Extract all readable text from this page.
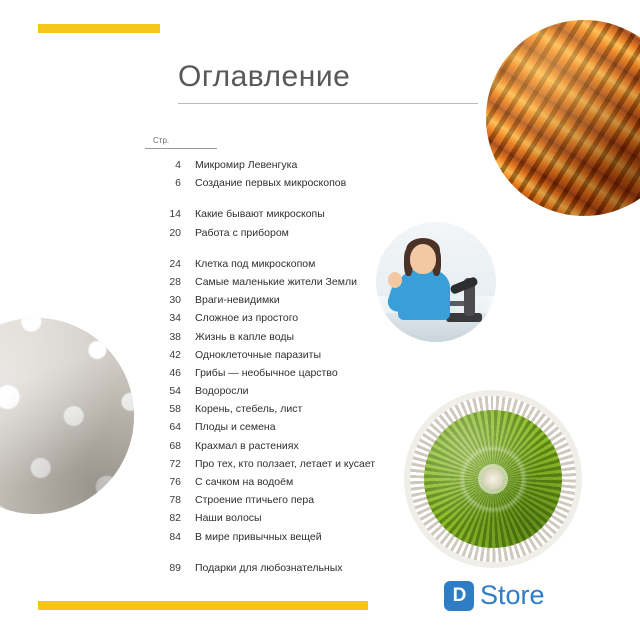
Оглавление
Стр.
4	Микромир Левенгука
6	Создание первых микроскопов
14	Какие бывают микроскопы
20	Работа с прибором
24	Клетка под микроскопом
28	Самые маленькие жители Земли
30	Враги-невидимки
34	Сложное из простого
38	Жизнь в капле воды
42	Одноклеточные паразиты
46	Грибы — необычное царство
54	Водоросли
58	Корень, стебель, лист
64	Плоды и семена
68	Крахмал в растениях
72	Про тех, кто ползает, летает и кусает
76	С сачком на водоём
78	Строение птичьего пера
82	Наши волосы
84	В мире привычных вещей
89	Подарки для любознательных
D Store
i
